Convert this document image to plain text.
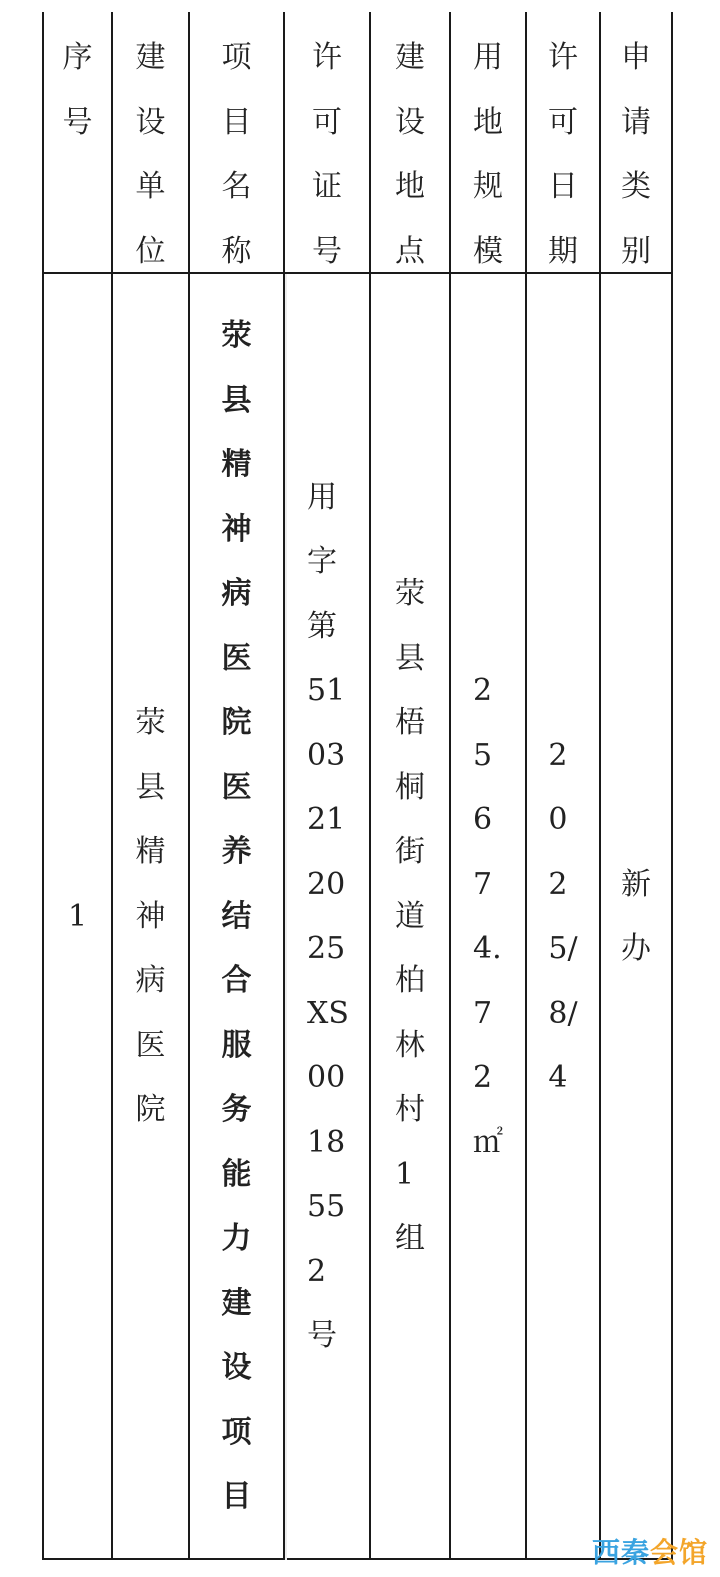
序
号
建
设
单
位
项
目
名
称
许
可
证
号
建
设
地
点
用
地
规
模
许
可
日
期
申
请
类
别
1
荥
县
精
神
病
医
院
荥
县
精
神
病
医
院
医
养
结
合
服
务
能
力
建
设
项
目
用
字
第
51
03
21
20
25
XS
00
18
55
2
号
荥
县
梧
桐
街
道
柏
林
村
1
组
2
5
6
7
4.
7
2
㎡
2
0
2
5/
8/
4
新
办
西秦会馆
